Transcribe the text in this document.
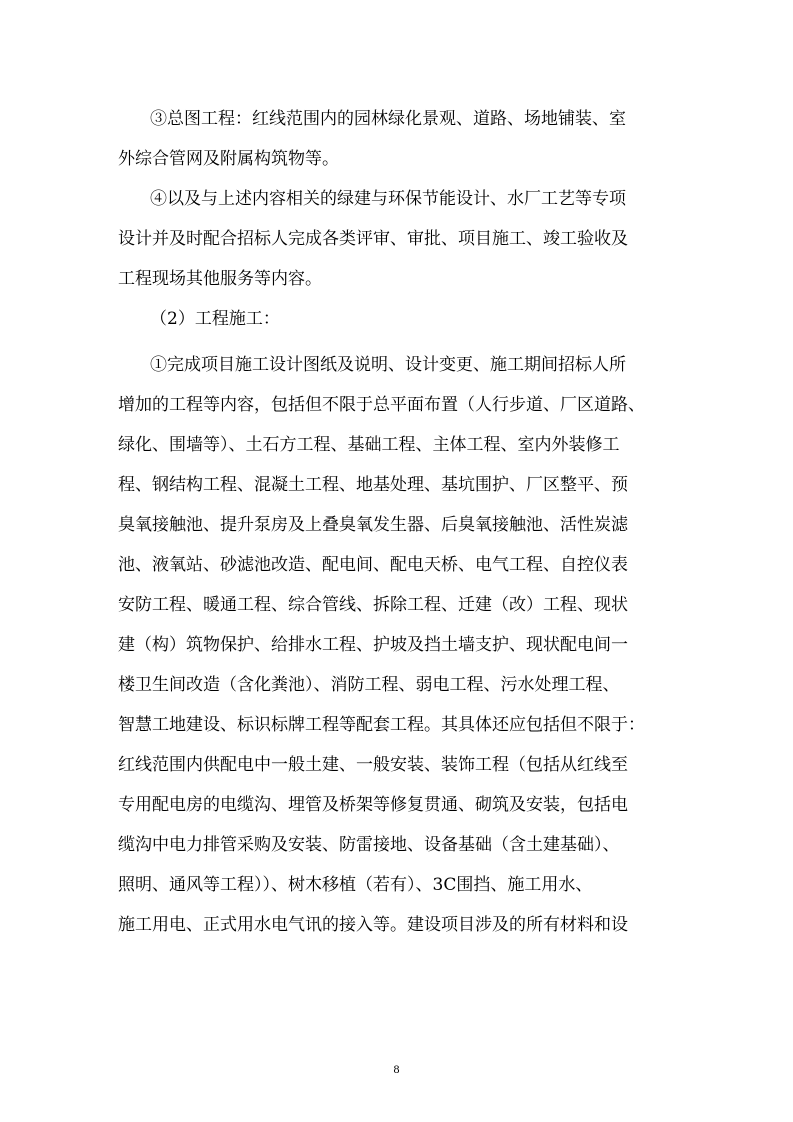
③总图工程：红线范围内的园林绿化景观、道路、场地铺装、室
外综合管网及附属构筑物等。
④以及与上述内容相关的绿建与环保节能设计、水厂工艺等专项
设计并及时配合招标人完成各类评审、审批、项目施工、竣工验收及
工程现场其他服务等内容。
（2）工程施工：
①完成项目施工设计图纸及说明、设计变更、施工期间招标人所
增加的工程等内容，包括但不限于总平面布置（人行步道、厂区道路、
绿化、围墙等）、土石方工程、基础工程、主体工程、室内外装修工
程、钢结构工程、混凝土工程、地基处理、基坑围护、厂区整平、预
臭氧接触池、提升泵房及上叠臭氧发生器、后臭氧接触池、活性炭滤
池、液氧站、砂滤池改造、配电间、配电天桥、电气工程、自控仪表
安防工程、暖通工程、综合管线、拆除工程、迁建（改）工程、现状
建（构）筑物保护、给排水工程、护坡及挡土墙支护、现状配电间一
楼卫生间改造（含化粪池）、消防工程、弱电工程、污水处理工程、
智慧工地建设、标识标牌工程等配套工程。其具体还应包括但不限于：
红线范围内供配电中一般土建、一般安装、装饰工程（包括从红线至
专用配电房的电缆沟、埋管及桥架等修复贯通、砌筑及安装，包括电
缆沟中电力排管采购及安装、防雷接地、设备基础（含土建基础）、
照明、通风等工程））、树木移植（若有）、3C围挡、施工用水、
施工用电、正式用水电气讯的接入等。建设项目涉及的所有材料和设
8
